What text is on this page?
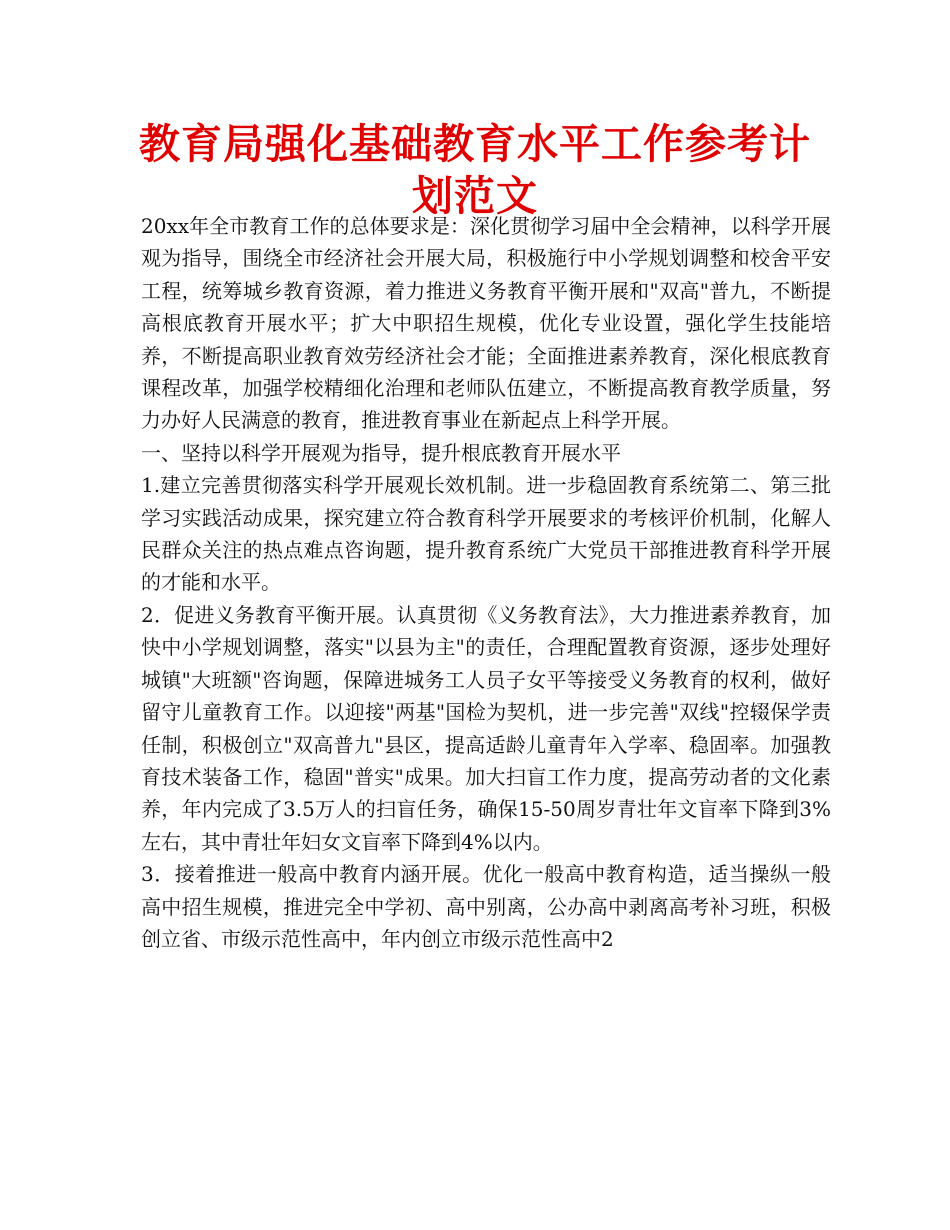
教育局强化基础教育水平工作参考计划范文

20xx年全市教育工作的总体要求是：深化贯彻学习届中全会精神，以科学开展观为指导，围绕全市经济社会开展大局，积极施行中小学规划调整和校舍平安工程，统筹城乡教育资源，着力推进义务教育平衡开展和"双高"普九，不断提高根底教育开展水平；扩大中职招生规模，优化专业设置，强化学生技能培养，不断提高职业教育效劳经济社会才能；全面推进素养教育，深化根底教育课程改革，加强学校精细化治理和老师队伍建立，不断提高教育教学质量，努力办好人民满意的教育，推进教育事业在新起点上科学开展。

一、坚持以科学开展观为指导，提升根底教育开展水平

1.建立完善贯彻落实科学开展观长效机制。进一步稳固教育系统第二、第三批学习实践活动成果，探究建立符合教育科学开展要求的考核评价机制，化解人民群众关注的热点难点咨询题，提升教育系统广大党员干部推进教育科学开展的才能和水平。

2．促进义务教育平衡开展。认真贯彻《义务教育法》，大力推进素养教育，加快中小学规划调整，落实"以县为主"的责任，合理配置教育资源，逐步处理好城镇"大班额"咨询题，保障进城务工人员子女平等接受义务教育的权利，做好留守儿童教育工作。以迎接"两基"国检为契机，进一步完善"双线"控辍保学责任制，积极创立"双高普九"县区，提高适龄儿童青年入学率、稳固率。加强教育技术装备工作，稳固"普实"成果。加大扫盲工作力度，提高劳动者的文化素养，年内完成了3.5万人的扫盲任务，确保15-50周岁青壮年文盲率下降到3%左右，其中青壮年妇女文盲率下降到4%以内。

3．接着推进一般高中教育内涵开展。优化一般高中教育构造，适当操纵一般高中招生规模，推进完全中学初、高中别离，公办高中剥离高考补习班，积极创立省、市级示范性高中，年内创立市级示范性高中2
